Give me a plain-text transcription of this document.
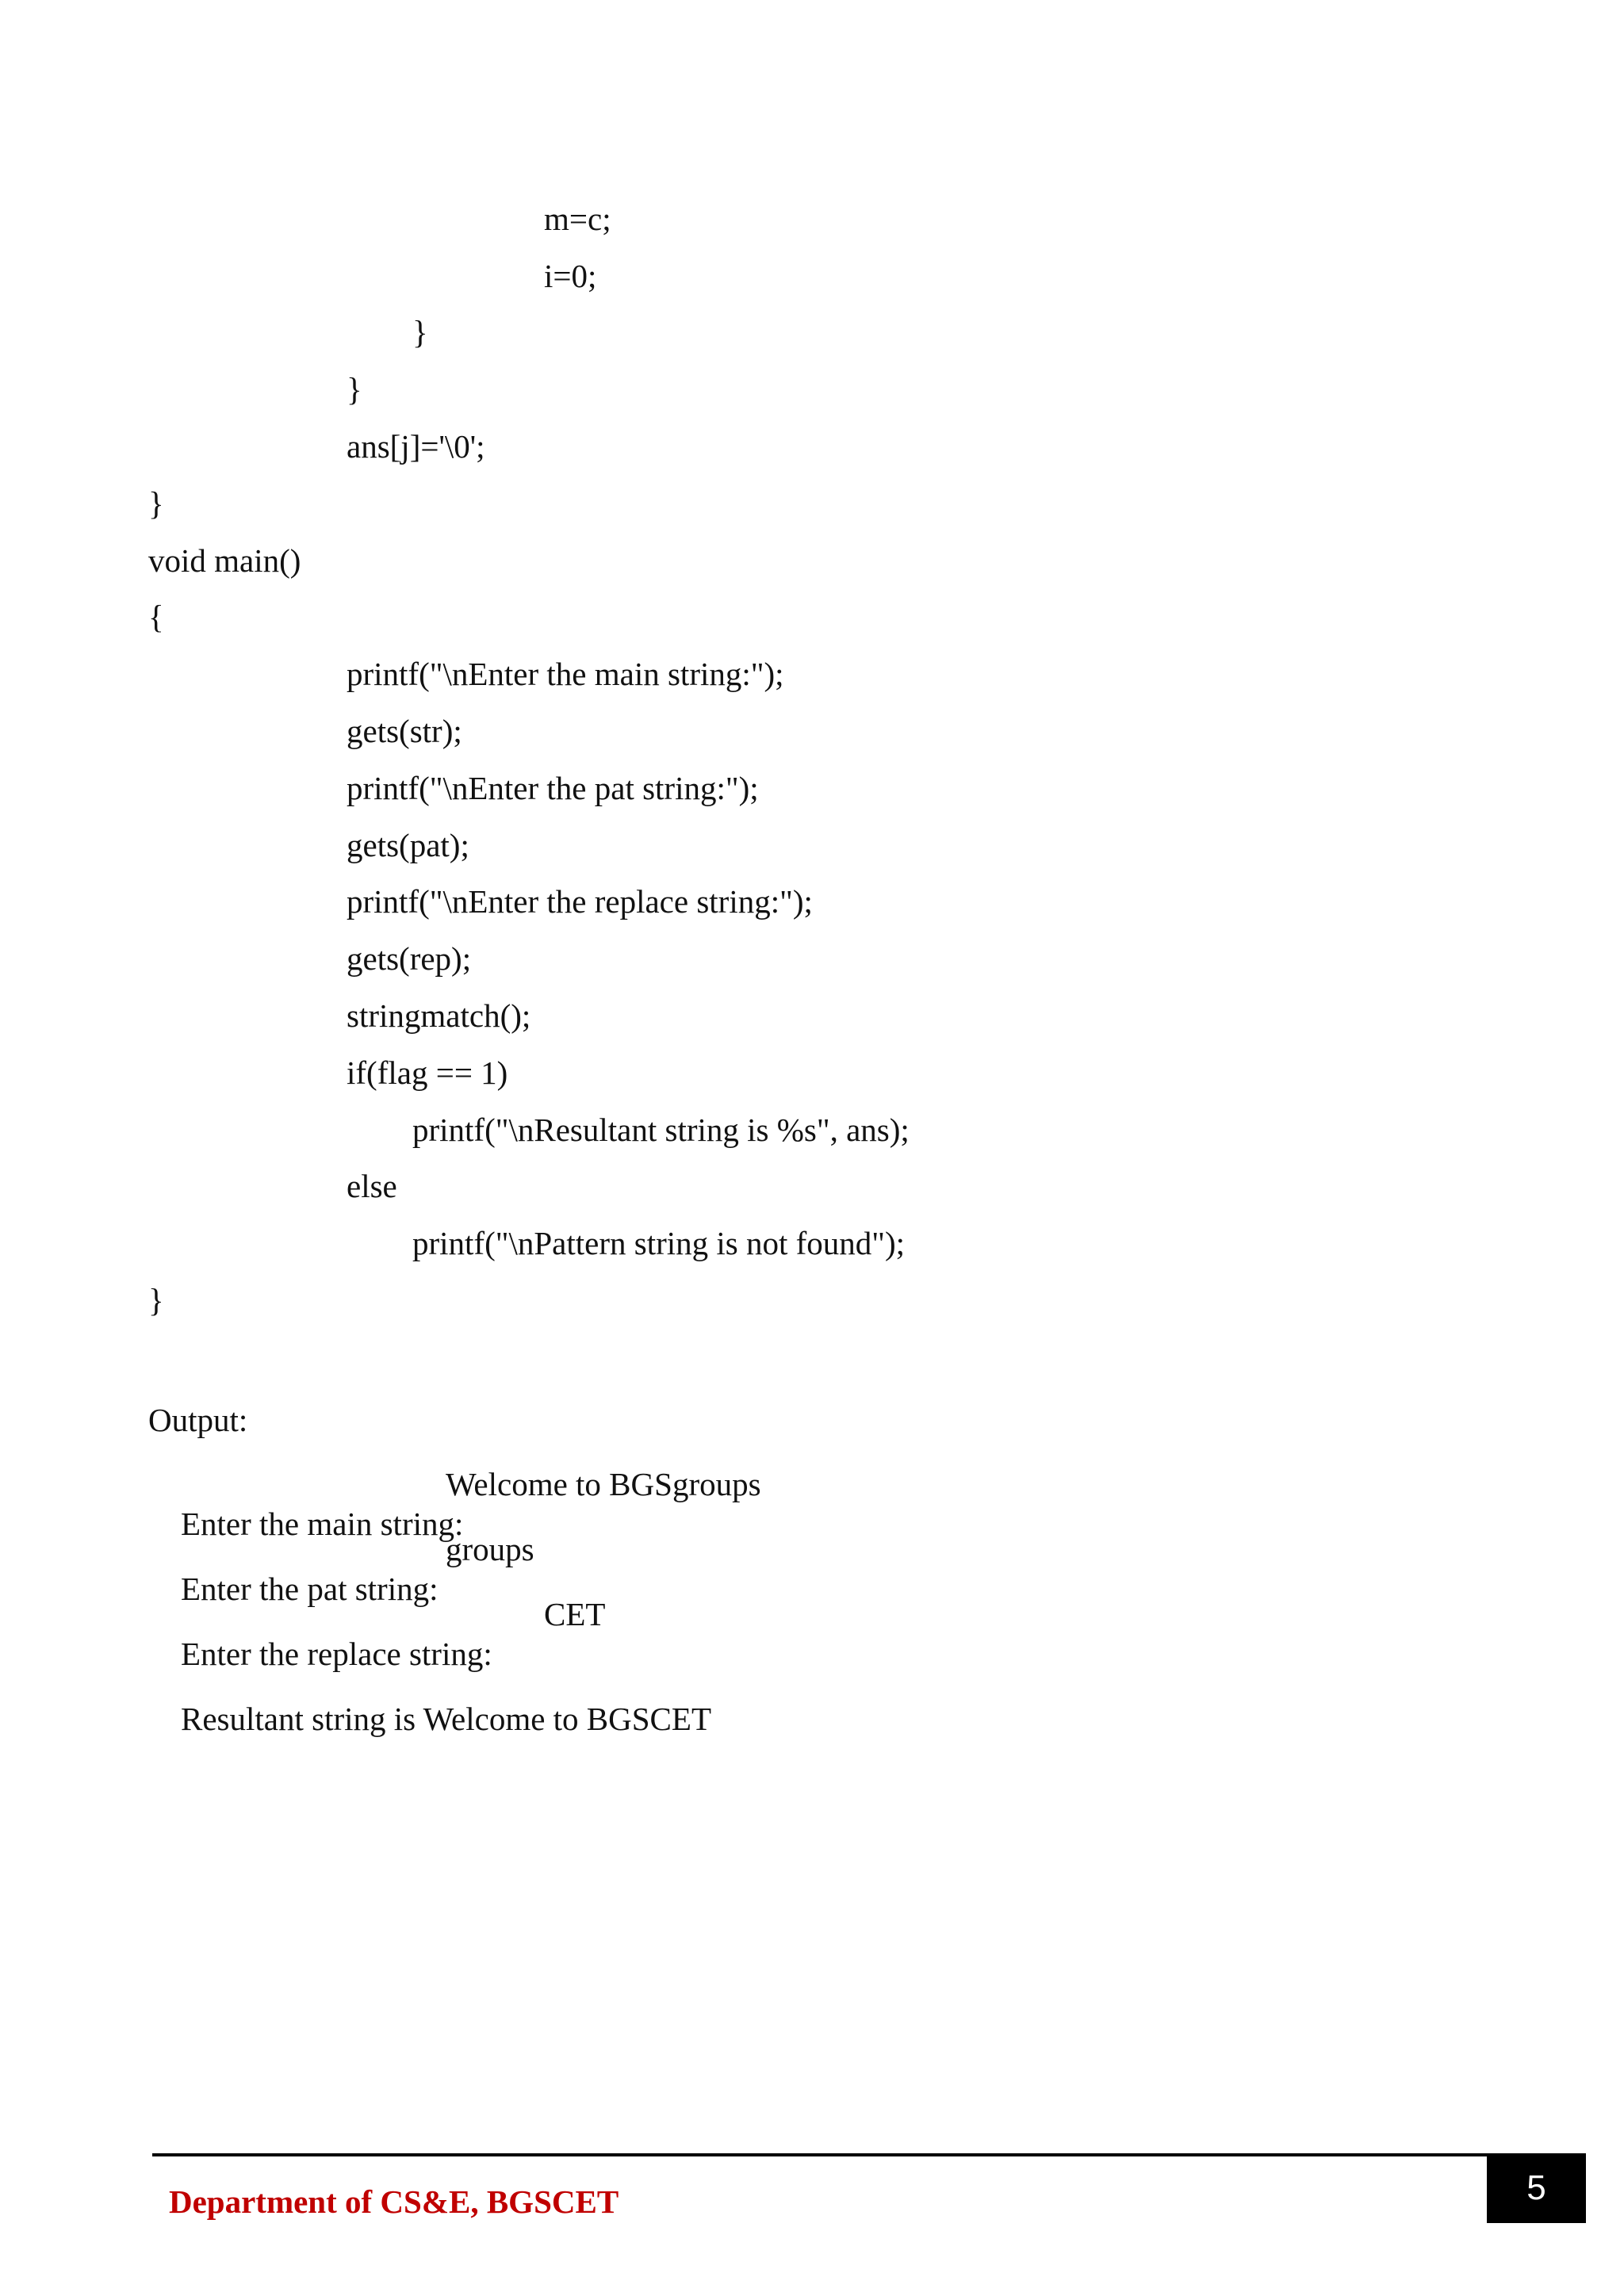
m=c;
i=0;
}
}
ans[j]='\0';
}
void main()
{
printf("\nEnter the main string:");
gets(str);
printf("\nEnter the pat string:");
gets(pat);
printf("\nEnter the replace string:");
gets(rep);
stringmatch();
if(flag == 1)
printf("\nResultant string is %s", ans);
else
printf("\nPattern string is not found");
}
Output:

Enter the main string:

Welcome to BGSgroups

Enter the pat string:

groups

Enter the replace string:

CET

Resultant string is Welcome to BGSCET

Department of CS&E, BGSCET	5
